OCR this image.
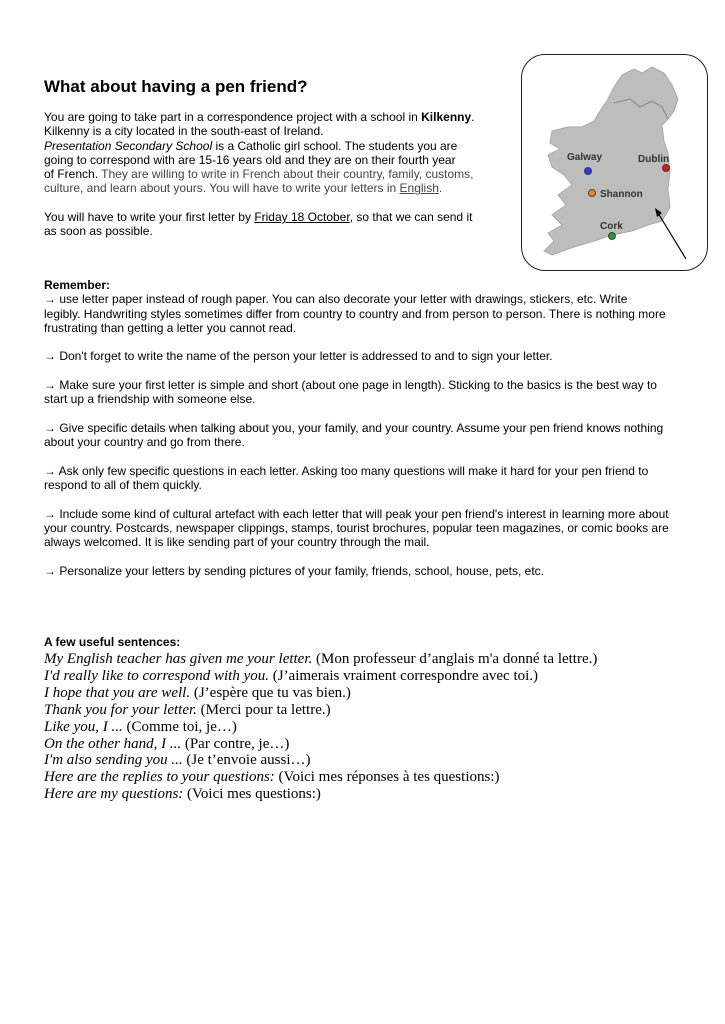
What about having a pen friend?
You are going to take part in a correspondence project with a school in Kilkenny.
Kilkenny is a city located in the south-east of Ireland.
Presentation Secondary School is a Catholic girl school. The students you are
going to correspond with are 15-16 years old and they are on their fourth year
of French. They are willing to write in French about their country, family, customs,
culture, and learn about yours. You will have to write your letters in English.
You will have to write your first letter by Friday 18 October, so that we can send it
as soon as possible.
Galway	Dublin
Shannon
Cork
Remember:
→ use letter paper instead of rough paper. You can also decorate your letter with drawings, stickers, etc. Write
legibly. Handwriting styles sometimes differ from country to country and from person to person. There is nothing more
frustrating than getting a letter you cannot read.
→ Don't forget to write the name of the person your letter is addressed to and to sign your letter.
→ Make sure your first letter is simple and short (about one page in length). Sticking to the basics is the best way to
start up a friendship with someone else.
→ Give specific details when talking about you, your family, and your country. Assume your pen friend knows nothing
about your country and go from there.
→ Ask only few specific questions in each letter. Asking too many questions will make it hard for your pen friend to
respond to all of them quickly.
→ Include some kind of cultural artefact with each letter that will peak your pen friend's interest in learning more about
your country. Postcards, newspaper clippings, stamps, tourist brochures, popular teen magazines, or comic books are
always welcomed. It is like sending part of your country through the mail.
→ Personalize your letters by sending pictures of your family, friends, school, house, pets, etc.
A few useful sentences:
My English teacher has given me your letter. (Mon professeur d’anglais m'a donné ta lettre.)
I'd really like to correspond with you. (J’aimerais vraiment correspondre avec toi.)
I hope that you are well. (J’espère que tu vas bien.)
Thank you for your letter. (Merci pour ta lettre.)
Like you, I ... (Comme toi, je…)
On the other hand, I ... (Par contre, je…)
I'm also sending you ... (Je t’envoie aussi…)
Here are the replies to your questions: (Voici mes réponses à tes questions:)
Here are my questions: (Voici mes questions:)
